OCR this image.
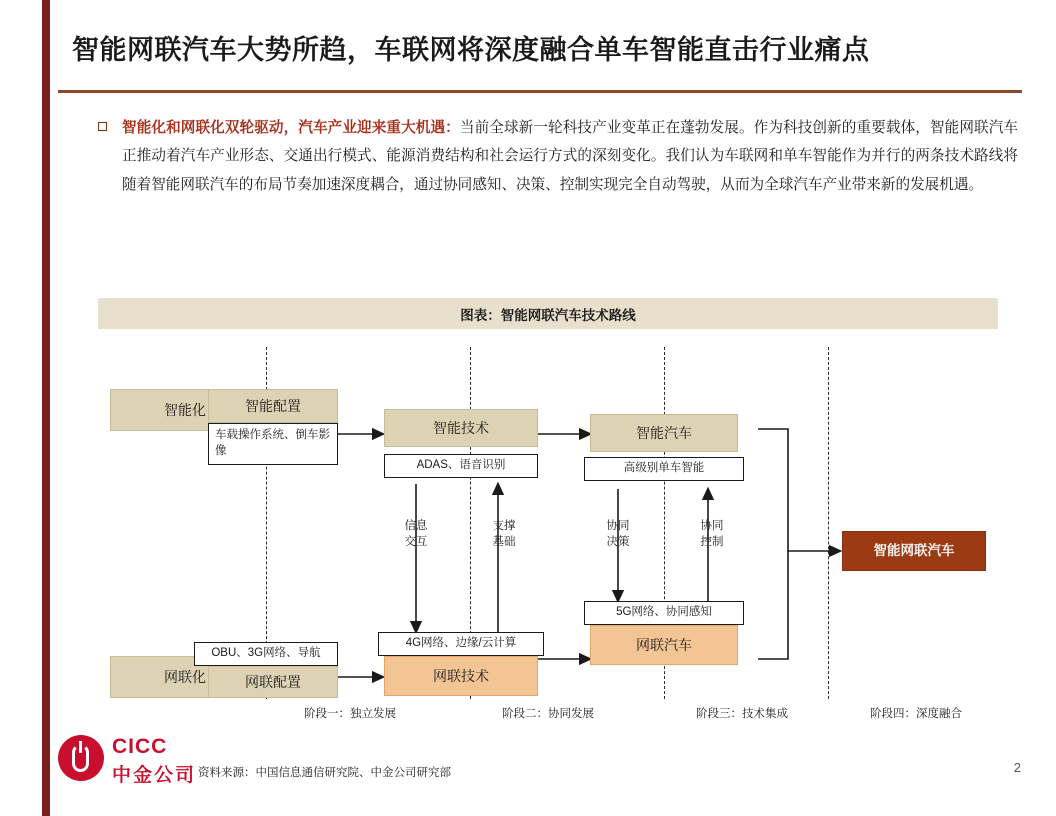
智能网联汽车大势所趋，车联网将深度融合单车智能直击行业痛点
智能化和网联化双轮驱动，汽车产业迎来重大机遇：当前全球新一轮科技产业变革正在蓬勃发展。作为科技创新的重要载体，智能网联汽车正推动着汽车产业形态、交通出行模式、能源消费结构和社会运行方式的深刻变化。我们认为车联网和单车智能作为并行的两条技术路线将随着智能网联汽车的布局节奏加速深度耦合，通过协同感知、决策、控制实现完全自动驾驶，从而为全球汽车产业带来新的发展机遇。
图表：智能网联汽车技术路线
智能化
网联化
智能配置
车载操作系统、倒车影像
OBU、3G网络、导航
网联配置
智能技术
ADAS、语音识别
4G网络、边缘/云计算
网联技术
信息
交互
支撑
基础
智能汽车
高级别单车智能
5G网络、协同感知
网联汽车
协同
决策
协同
控制
智能网联汽车
阶段一：独立发展	阶段二：协同发展	阶段三：技术集成	阶段四：深度融合
CICC
中金公司 资料来源：中国信息通信研究院、中金公司研究部	2
